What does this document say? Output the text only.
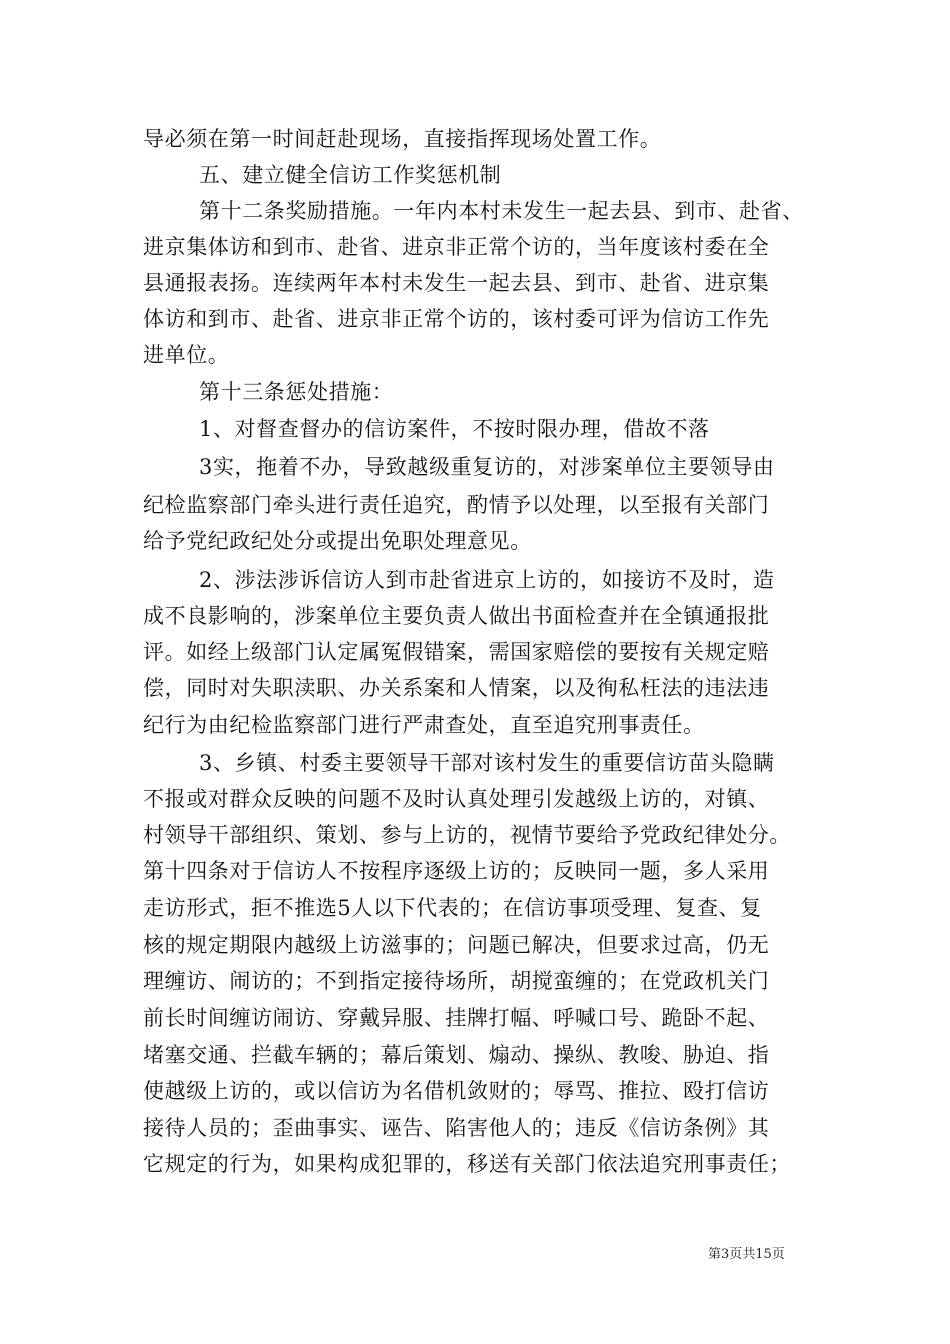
导必须在第一时间赶赴现场，直接指挥现场处置工作。
五、建立健全信访工作奖惩机制
第十二条奖励措施。一年内本村未发生一起去县、到市、赴省、
进京集体访和到市、赴省、进京非正常个访的，当年度该村委在全
县通报表扬。连续两年本村未发生一起去县、到市、赴省、进京集
体访和到市、赴省、进京非正常个访的，该村委可评为信访工作先
进单位。
第十三条惩处措施：
1、对督查督办的信访案件，不按时限办理，借故不落
3实，拖着不办，导致越级重复访的，对涉案单位主要领导由
纪检监察部门牵头进行责任追究，酌情予以处理，以至报有关部门
给予党纪政纪处分或提出免职处理意见。
2、涉法涉诉信访人到市赴省进京上访的，如接访不及时，造
成不良影响的，涉案单位主要负责人做出书面检查并在全镇通报批
评。如经上级部门认定属冤假错案，需国家赔偿的要按有关规定赔
偿，同时对失职渎职、办关系案和人情案，以及徇私枉法的违法违
纪行为由纪检监察部门进行严肃查处，直至追究刑事责任。
3、乡镇、村委主要领导干部对该村发生的重要信访苗头隐瞒
不报或对群众反映的问题不及时认真处理引发越级上访的，对镇、
村领导干部组织、策划、参与上访的，视情节要给予党政纪律处分。
第十四条对于信访人不按程序逐级上访的；反映同一题，多人采用
走访形式，拒不推选5人以下代表的；在信访事项受理、复查、复
核的规定期限内越级上访滋事的；问题已解决，但要求过高，仍无
理缠访、闹访的；不到指定接待场所，胡搅蛮缠的；在党政机关门
前长时间缠访闹访、穿戴异服、挂牌打幅、呼喊口号、跪卧不起、
堵塞交通、拦截车辆的；幕后策划、煽动、操纵、教唆、胁迫、指
使越级上访的，或以信访为名借机敛财的；辱骂、推拉、殴打信访
接待人员的；歪曲事实、诬告、陷害他人的；违反《信访条例》其
它规定的行为，如果构成犯罪的，移送有关部门依法追究刑事责任；
第3页共15页
